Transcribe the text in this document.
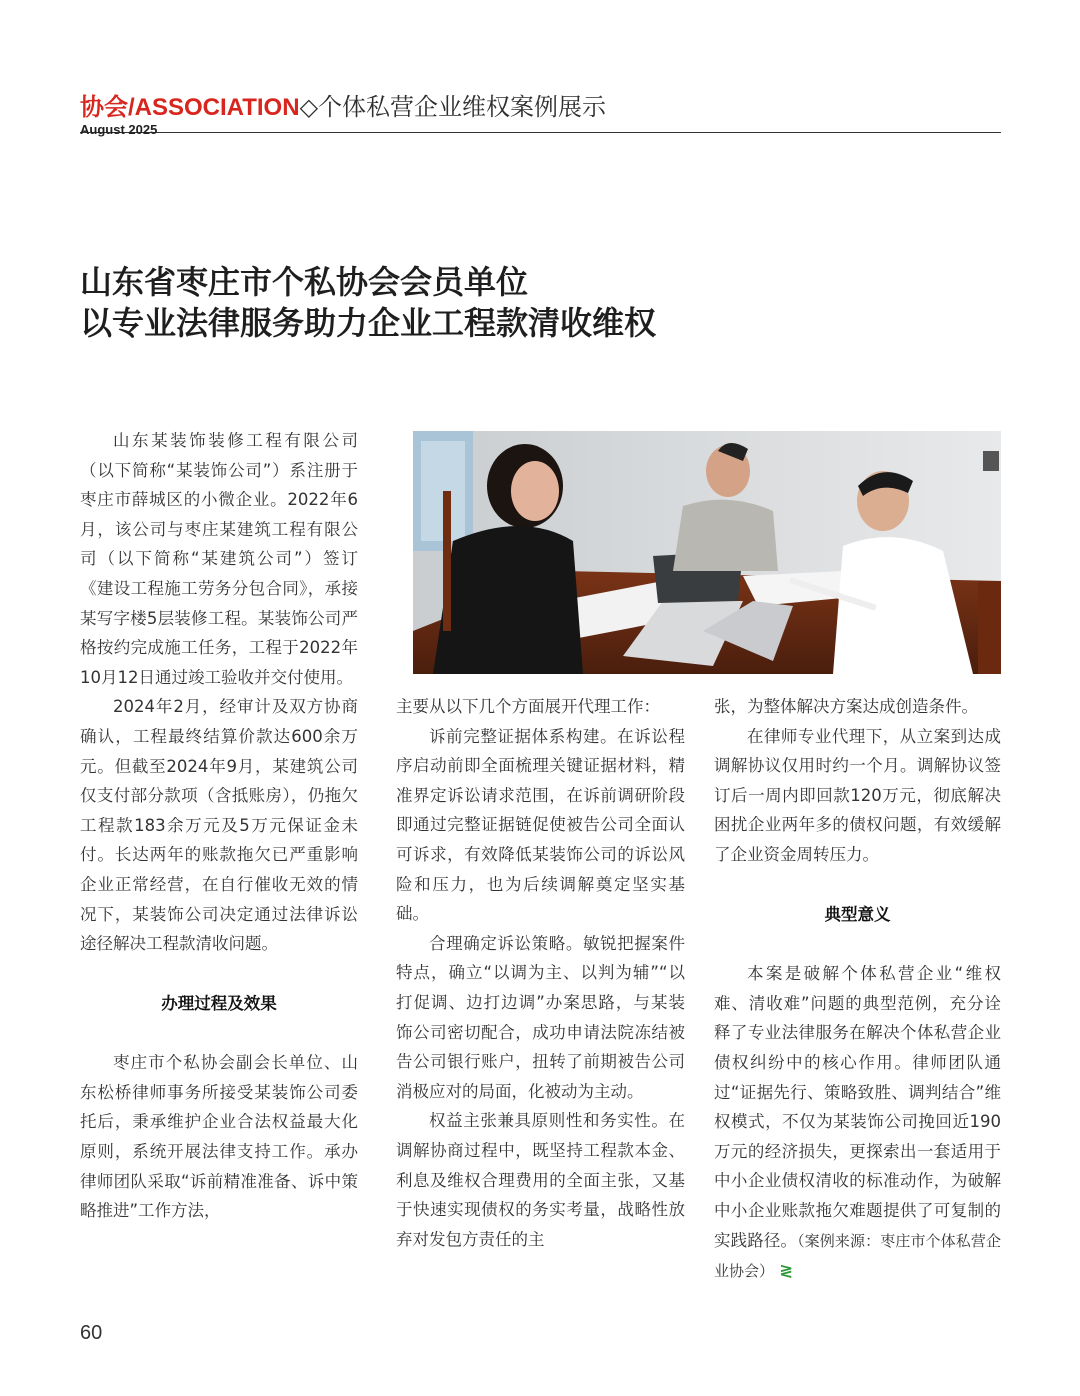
协会/ASSOCIATION◇个体私营企业维权案例展示
August 2025
山东省枣庄市个私协会会员单位
以专业法律服务助力企业工程款清收维权

山东某装饰装修工程有限公司（以下简称“某装饰公司”）系注册于枣庄市薛城区的小微企业。2022年6月，该公司与枣庄某建筑工程有限公司（以下简称“某建筑公司”）签订《建设工程施工劳务分包合同》，承接某写字楼5层装修工程。某装饰公司严格按约完成施工任务，工程于2022年10月12日通过竣工验收并交付使用。

2024年2月，经审计及双方协商确认，工程最终结算价款达600余万元。但截至2024年9月，某建筑公司仅支付部分款项（含抵账房），仍拖欠工程款183余万元及5万元保证金未付。长达两年的账款拖欠已严重影响企业正常经营，在自行催收无效的情况下，某装饰公司决定通过法律诉讼途径解决工程款清收问题。

办理过程及效果

枣庄市个私协会副会长单位、山东松桥律师事务所接受某装饰公司委托后，秉承维护企业合法权益最大化原则，系统开展法律支持工作。承办律师团队采取“诉前精准准备、诉中策略推进”工作方法，

主要从以下几个方面展开代理工作：

诉前完整证据体系构建。在诉讼程序启动前即全面梳理关键证据材料，精准界定诉讼请求范围，在诉前调研阶段即通过完整证据链促使被告公司全面认可诉求，有效降低某装饰公司的诉讼风险和压力，也为后续调解奠定坚实基础。

合理确定诉讼策略。敏锐把握案件特点，确立“以调为主、以判为辅”“以打促调、边打边调”办案思路，与某装饰公司密切配合，成功申请法院冻结被告公司银行账户，扭转了前期被告公司消极应对的局面，化被动为主动。

权益主张兼具原则性和务实性。在调解协商过程中，既坚持工程款本金、利息及维权合理费用的全面主张，又基于快速实现债权的务实考量，战略性放弃对发包方责任的主

张，为整体解决方案达成创造条件。

在律师专业代理下，从立案到达成调解协议仅用时约一个月。调解协议签订后一周内即回款120万元，彻底解决困扰企业两年多的债权问题，有效缓解了企业资金周转压力。

典型意义

本案是破解个体私营企业“维权难、清收难”问题的典型范例，充分诠释了专业法律服务在解决个体私营企业债权纠纷中的核心作用。律师团队通过“证据先行、策略致胜、调判结合”维权模式，不仅为某装饰公司挽回近190万元的经济损失，更探索出一套适用于中小企业债权清收的标准动作，为破解中小企业账款拖欠难题提供了可复制的实践路径。（案例来源：枣庄市个体私营企业协会） ≷

60
